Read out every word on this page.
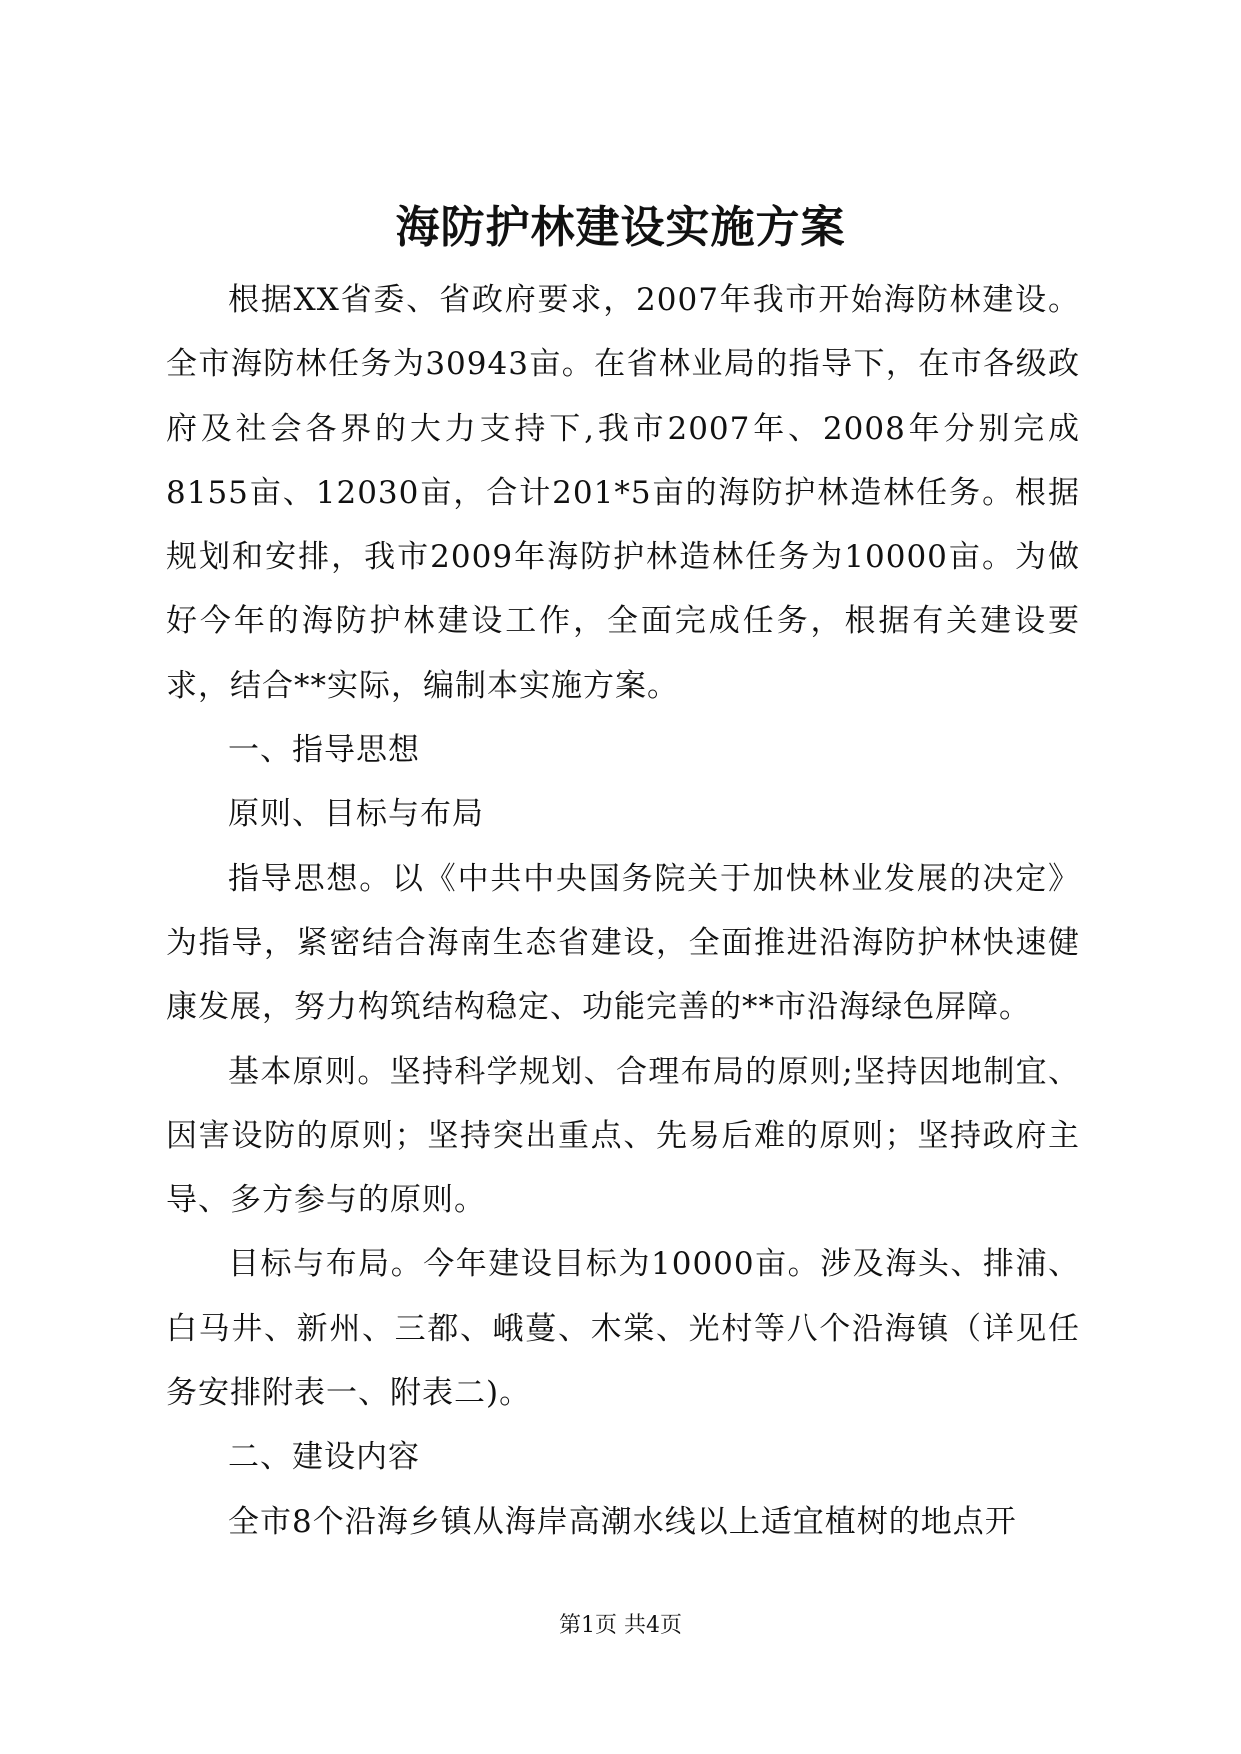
海防护林建设实施方案

根据XX省委、省政府要求，2007年我市开始海防林建设。全市海防林任务为30943亩。在省林业局的指导下，在市各级政府及社会各界的大力支持下,我市2007年、2008年分别完成8155亩、12030亩，合计201*5亩的海防护林造林任务。根据规划和安排，我市2009年海防护林造林任务为10000亩。为做好今年的海防护林建设工作，全面完成任务，根据有关建设要求，结合**实际，编制本实施方案。

一、指导思想

原则、目标与布局

指导思想。以《中共中央国务院关于加快林业发展的决定》为指导，紧密结合海南生态省建设，全面推进沿海防护林快速健康发展，努力构筑结构稳定、功能完善的**市沿海绿色屏障。

基本原则。坚持科学规划、合理布局的原则;坚持因地制宜、因害设防的原则；坚持突出重点、先易后难的原则；坚持政府主导、多方参与的原则。

目标与布局。今年建设目标为10000亩。涉及海头、排浦、白马井、新州、三都、峨蔓、木棠、光村等八个沿海镇（详见任务安排附表一、附表二)。

二、建设内容

全市8个沿海乡镇从海岸高潮水线以上适宜植树的地点开

第1页 共4页
